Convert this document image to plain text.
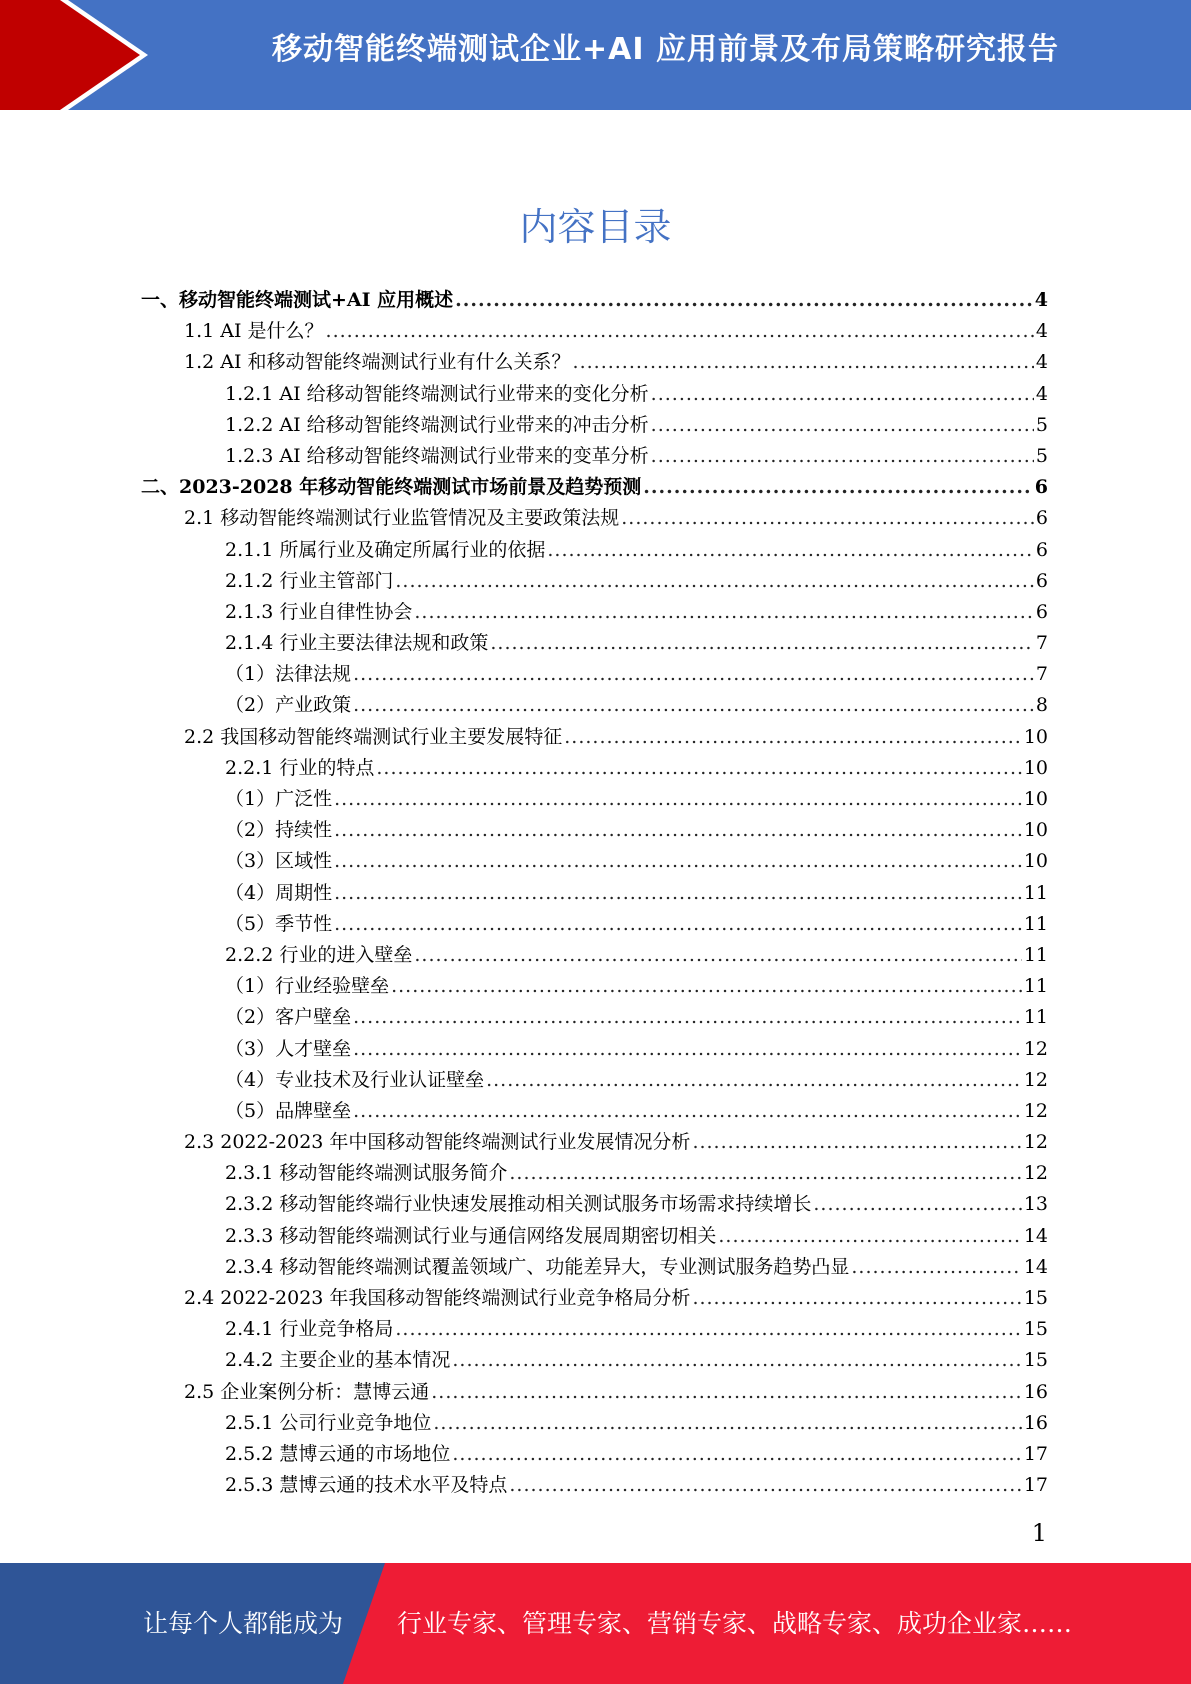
移动智能终端测试企业+AI 应用前景及布局策略研究报告
内容目录
一、移动智能终端测试+AI 应用概述 .....	4
1.1 AI 是什么？ .....	4
1.2 AI 和移动智能终端测试行业有什么关系？ .....	4
1.2.1 AI 给移动智能终端测试行业带来的变化分析 .....	4
1.2.2 AI 给移动智能终端测试行业带来的冲击分析 .....	5
1.2.3 AI 给移动智能终端测试行业带来的变革分析 .....	5
二、2023-2028 年移动智能终端测试市场前景及趋势预测 .....	6
2.1 移动智能终端测试行业监管情况及主要政策法规 .....	6
2.1.1 所属行业及确定所属行业的依据 .....	6
2.1.2 行业主管部门 .....	6
2.1.3 行业自律性协会 .....	6
2.1.4 行业主要法律法规和政策 .....	7
（1）法律法规 .....	7
（2）产业政策 .....	8
2.2 我国移动智能终端测试行业主要发展特征 .....	10
2.2.1 行业的特点 .....	10
（1）广泛性 .....	10
（2）持续性 .....	10
（3）区域性 .....	10
（4）周期性 .....	11
（5）季节性 .....	11
2.2.2 行业的进入壁垒 .....	11
（1）行业经验壁垒 .....	11
（2）客户壁垒 .....	11
（3）人才壁垒 .....	12
（4）专业技术及行业认证壁垒 .....	12
（5）品牌壁垒 .....	12
2.3 2022-2023 年中国移动智能终端测试行业发展情况分析 .....	12
2.3.1 移动智能终端测试服务简介 .....	12
2.3.2 移动智能终端行业快速发展推动相关测试服务市场需求持续增长 .....	13
2.3.3 移动智能终端测试行业与通信网络发展周期密切相关 .....	14
2.3.4 移动智能终端测试覆盖领域广、功能差异大，专业测试服务趋势凸显 .....	14
2.4 2022-2023 年我国移动智能终端测试行业竞争格局分析 .....	15
2.4.1 行业竞争格局 .....	15
2.4.2 主要企业的基本情况 .....	15
2.5 企业案例分析：慧博云通 .....	16
2.5.1 公司行业竞争地位 .....	16
2.5.2 慧博云通的市场地位 .....	17
2.5.3 慧博云通的技术水平及特点 .....	17
1
让每个人都能成为 行业专家、管理专家、营销专家、战略专家、成功企业家……
